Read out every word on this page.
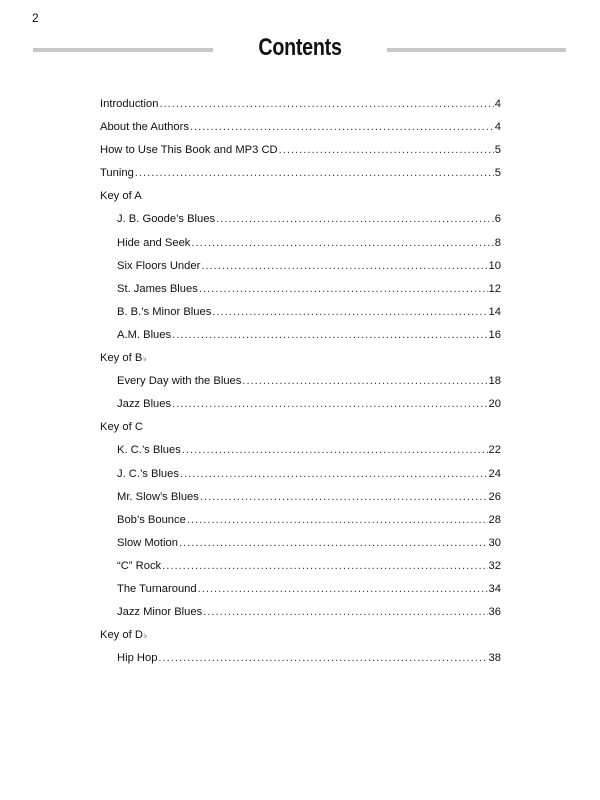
2
Contents
Introduction .....	4
About the Authors .....	4
How to Use This Book and MP3 CD .....	5
Tuning .....	5
Key of A
J. B. Goode’s Blues .....	6
Hide and Seek .....	8
Six Floors Under .....	10
St. James Blues .....	12
B. B.’s Minor Blues .....	14
A.M. Blues .....	16
Key of B ♭
Every Day with the Blues .....	18
Jazz Blues .....	20
Key of C
K. C.’s Blues .....	22
J. C.’s Blues .....	24
Mr. Slow’s Blues .....	26
Bob’s Bounce .....	28
Slow Motion .....	30
“C” Rock .....	32
The Turnaround .....	34
Jazz Minor Blues .....	36
Key of D ♭
Hip Hop .....	38
